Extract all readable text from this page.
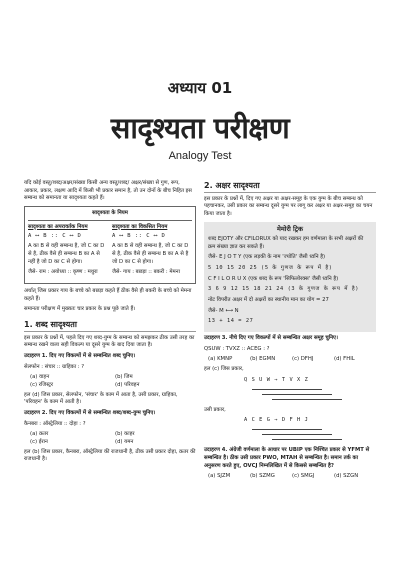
अध्याय 01
सादृश्यता परीक्षण
Analogy Test

यदि कोई वस्तु/शब्द/अक्षर/संख्या किसी अन्य वस्तु/शब्द/ अक्षर/संख्या से गुण, रूप, आकार, प्रकार, लक्षण आदि में किसी भी प्रकार समान है, तो उन दोनों के बीच निहित इस सम्बन्ध को समानता या सादृश्यता कहते हैं।

सादृश्यता के नियम
सादृश्यता का अपरावर्तक नियम
A ⟷ B :: C ⟷ D

A का B से वही सम्बन्ध है, जो C का D से है, ठीक वैसे ही सम्बन्ध B का A से नहीं है जो D का C से होगा।

जैसे- राम : अयोध्या :: कृष्ण : मथुरा

सादृश्यता का विकसित नियम
A ⟷ B :: C ⟷ D

A का B से वही सम्बन्ध है, जो C का D से है, ठीक वैसे ही सम्बन्ध B का A से है जो D का C से होगा।

जैसे- गाय : बछड़ा :: बकरी : मेमना

अर्थात् जिस प्रकार गाय के बच्चे को बछड़ा कहते हैं ठीक वैसे ही बकरी के बच्चे को मेमना कहते हैं।

समानता परीक्षण में मुख्यतः चार प्रकार के प्रश्न पूछे जाते हैं।

1. शब्द सादृश्यता

इस प्रकार के प्रश्नों में, पहले दिए गए शब्द-युग्म के सम्बन्ध को समझकर ठीक उसी तरह का सम्बन्ध रखने वाला सही विकल्प या दूसरे युग्म के बाद दिया जाता है।

उदाहरण 1. दिए गए विकल्पों में से सम्बन्धित शब्द चुनिए।

सेलफोन : संचार :: ग्राहिका : ?

(a) वाहन	(b) जिम
(c) रजिस्ट्रर	(d) परिवहन

हल (d) जिस प्रकार, सेलफोन, 'संचार' के काम में आता है, उसी प्रकार, ग्राहिका, 'परिवहन' के काम में आती है।

उदाहरण 2. दिए गए विकल्पों में से सम्बन्धित शब्द/शब्द-युग्म चुनिए।

कैनबरा : ऑस्ट्रेलिया :: दोहा : ?

(a) क़तर	(b) काहर
(c) ईरान	(d) यमन

हल (b) जिस प्रकार, कैनबरा, ऑस्ट्रेलिया की राजधानी है, ठीक उसी प्रकार दोहा, क़तर की राजधानी है।

2. अक्षर सादृश्यता

इस प्रकार के प्रश्नों में, दिए गए अक्षर या अक्षर-समूह के एक युग्म के बीच सम्बन्ध को पहचानकर, उसी प्रकार का सम्बन्ध दूसरे युग्म पर लागू कर अक्षर या अक्षर-समूह का चयन किया जाता है।

मेमोरी ट्रिक

शब्द EJOTY और CFILORUX को याद रखकर हम वर्णमाला के सभी अक्षरों की क्रम संख्या ज्ञात कर सकते हैं।

जैसे- E J O T Y (एक लड़की के नाम 'ज्योति' जैसी ध्वनि है)

5 10 15 20 25 (5 के गुणज के रूप में है)

C F I L O R U X (एक शब्द के रूप 'सिफिलोरक्स' जैसी ध्वनि है)

3 6 9 12 15 18 21 24 (3 के गुणज के रूप में है)

नोट विपरीत अक्षर में दो अक्षरों का स्थानीय मान का योग = 27

जैसे- M ⟷ N

13 + 14 = 27

उदाहरण 3. नीचे दिए गए विकल्पों में से सम्बन्धित अक्षर समूह चुनिए।

QSUW : TVXZ :: ACEG : ?

(a) KMNP	(b) EGMN	(c) DFHJ	(d) FHIL

हल (c) जिस प्रकार,

Q S U W → T V X Z

उसी प्रकार,

A C E G → D F H J

उदाहरण 4. अंग्रेजी वर्णमाला के आधार पर UBIP एक निश्चित प्रकार से YFMT से सम्बन्धित है। ठीक उसी प्रकार PWO, MTAH से सम्बन्धित है। समान तर्क का अनुसरण करते हुए, OVCJ निम्नलिखित में से किससे सम्बन्धित है?

(a) SJZM	(b) SZMG	(c) SMGJ	(d) SZGN
